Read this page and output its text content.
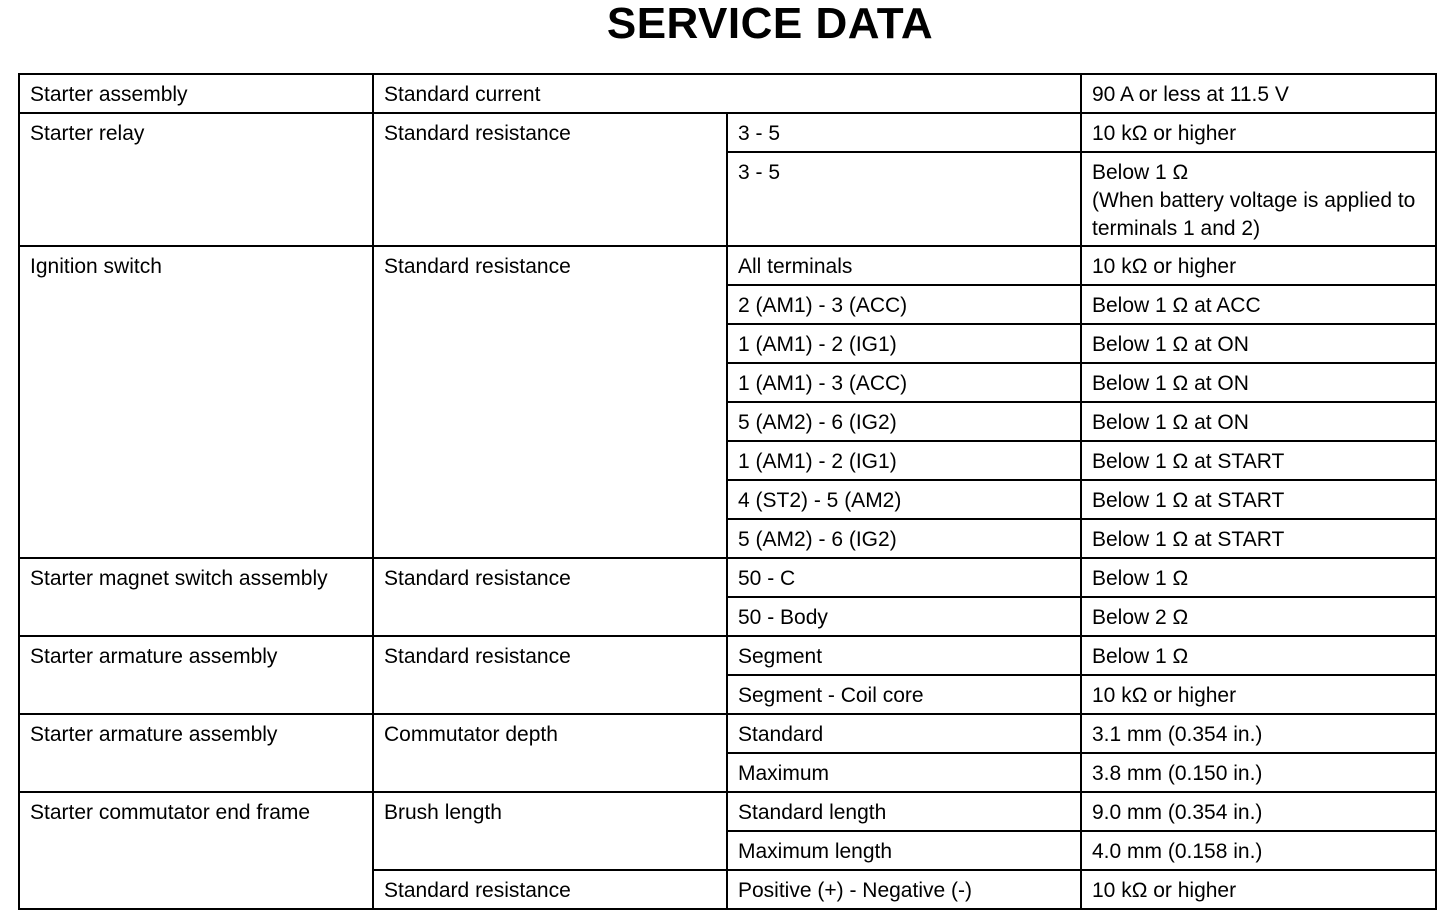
SERVICE DATA
Starter assembly	Standard current		90 A or less at 11.5 V
Starter relay	Standard resistance	3 - 5	10 kΩ or higher
		3 - 5	Below 1 Ω
(When battery voltage is applied to terminals 1 and 2)
Ignition switch	Standard resistance	All terminals	10 kΩ or higher
		2 (AM1) - 3 (ACC)	Below 1 Ω at ACC
		1 (AM1) - 2 (IG1)	Below 1 Ω at ON
		1 (AM1) - 3 (ACC)	Below 1 Ω at ON
		5 (AM2) - 6 (IG2)	Below 1 Ω at ON
		1 (AM1) - 2 (IG1)	Below 1 Ω at START
		4 (ST2) - 5 (AM2)	Below 1 Ω at START
		5 (AM2) - 6 (IG2)	Below 1 Ω at START
Starter magnet switch assembly	Standard resistance	50 - C	Below 1 Ω
		50 - Body	Below 2 Ω
Starter armature assembly	Standard resistance	Segment	Below 1 Ω
		Segment - Coil core	10 kΩ or higher
Starter armature assembly	Commutator depth	Standard	3.1 mm (0.354 in.)
		Maximum	3.8 mm (0.150 in.)
Starter commutator end frame	Brush length	Standard length	9.0 mm (0.354 in.)
		Maximum length	4.0 mm (0.158 in.)
	Standard resistance	Positive (+) - Negative (-)	10 kΩ or higher
